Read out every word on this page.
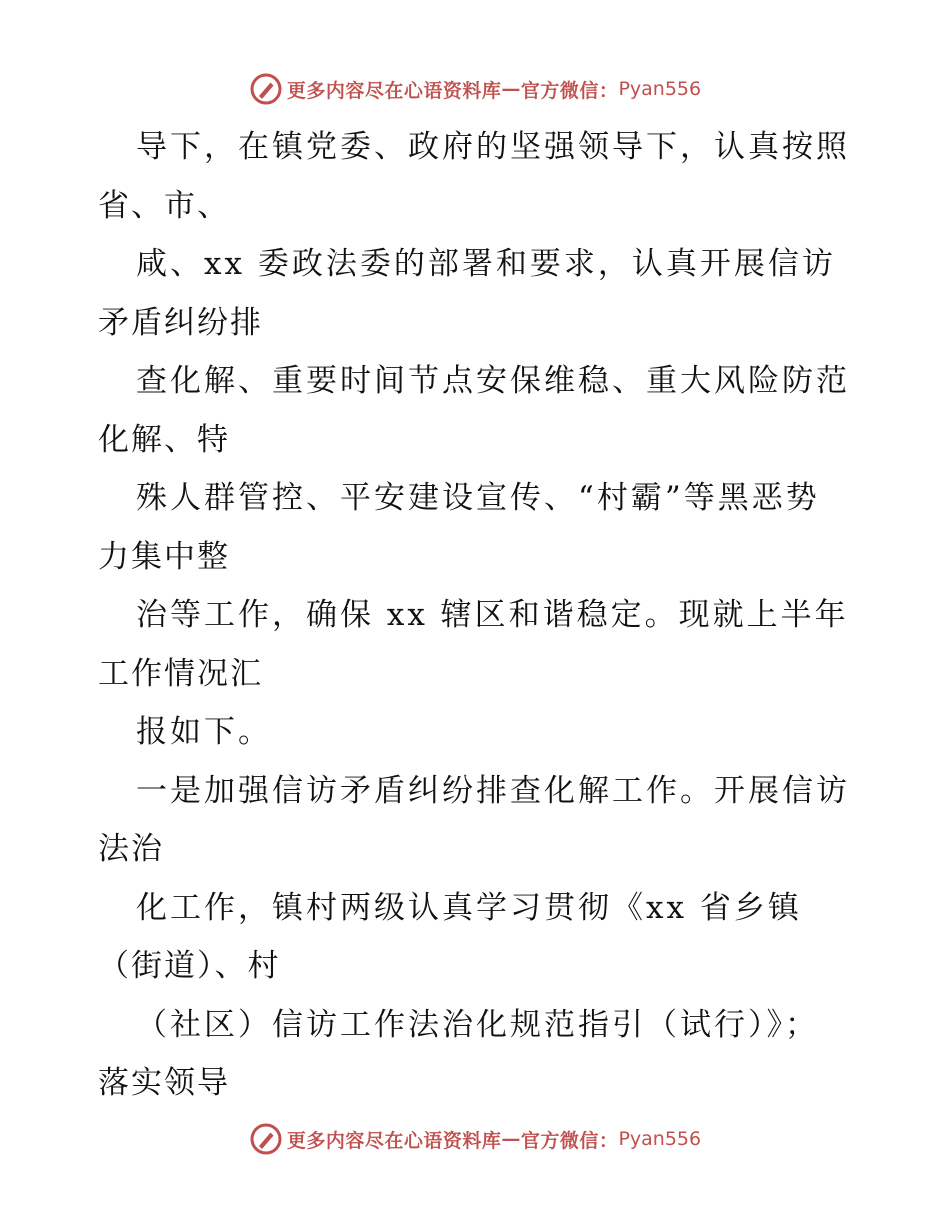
更多内容尽在心语资料库 — 官方微信： Pyan556
导下，在镇党委、政府的坚强领导下，认真按照
省、市、
咸、xx 委政法委的部署和要求，认真开展信访
矛盾纠纷排
查化解、重要时间节点安保维稳、重大风险防范
化解、特
殊人群管控、平安建设宣传、“村霸”等黑恶势
力集中整
治等工作，确保 xx 辖区和谐稳定。现就上半年
工作情况汇
报如下。
一是加强信访矛盾纠纷排查化解工作。开展信访
法治
化工作，镇村两级认真学习贯彻《xx 省乡镇
（街道）、村
（社区）信访工作法治化规范指引（试行）》；
落实领导
更多内容尽在心语资料库 — 官方微信： Pyan556
